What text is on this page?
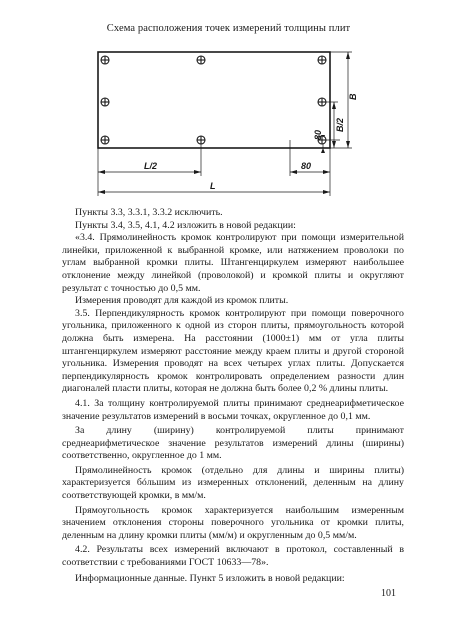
Схема расположения точек измерений толщины плит
L/2
L
80
B
B/2
80

Пункты 3.3, 3.3.1, 3.3.2 исключить.

Пункты 3.4, 3.5, 4.1, 4.2 изложить в новой редакции:

«3.4. Прямолинейность кромок контролируют при помощи измерительной линейки, приложенной к выбранной кромке, или натяжением проволоки по углам выбранной кромки плиты. Штангенциркулем измеряют наибольшее отклонение между линейкой (проволокой) и кромкой плиты и округляют результат с точностью до 0,5 мм.

Измерения проводят для каждой из кромок плиты.

3.5. Перпендикулярность кромок контролируют при помощи поверочного угольника, приложенного к одной из сторон плиты, прямоугольность которой должна быть измерена. На расстоянии (1000±1) мм от угла плиты штангенциркулем измеряют расстояние между краем плиты и другой стороной угольника. Измерения проводят на всех четырех углах плиты. Допускается перпендикулярность кромок контролировать определением разности длин диагоналей пласти плиты, которая не должна быть более 0,2 % длины плиты.

4.1. За толщину контролируемой плиты принимают среднеарифметическое значение результатов измерений в восьми точках, округленное до 0,1 мм.

За длину (ширину) контролируемой плиты принимают среднеарифметическое значение результатов измерений длины (ширины) соответственно, округленное до 1 мм.

Прямолинейность кромок (отдельно для длины и ширины плиты) характеризуется бóльшим из измеренных отклонений, деленным на длину соответствующей кромки, в мм/м.

Прямоугольность кромок характеризуется наибольшим измеренным значением отклонения стороны поверочного угольника от кромки плиты, деленным на длину кромки плиты (мм/м) и округленным до 0,5 мм/м.

4.2. Результаты всех измерений включают в протокол, составленный в соответствии с требованиями ГОСТ 10633—78».

Информационные данные. Пункт 5 изложить в новой редакции:

101
